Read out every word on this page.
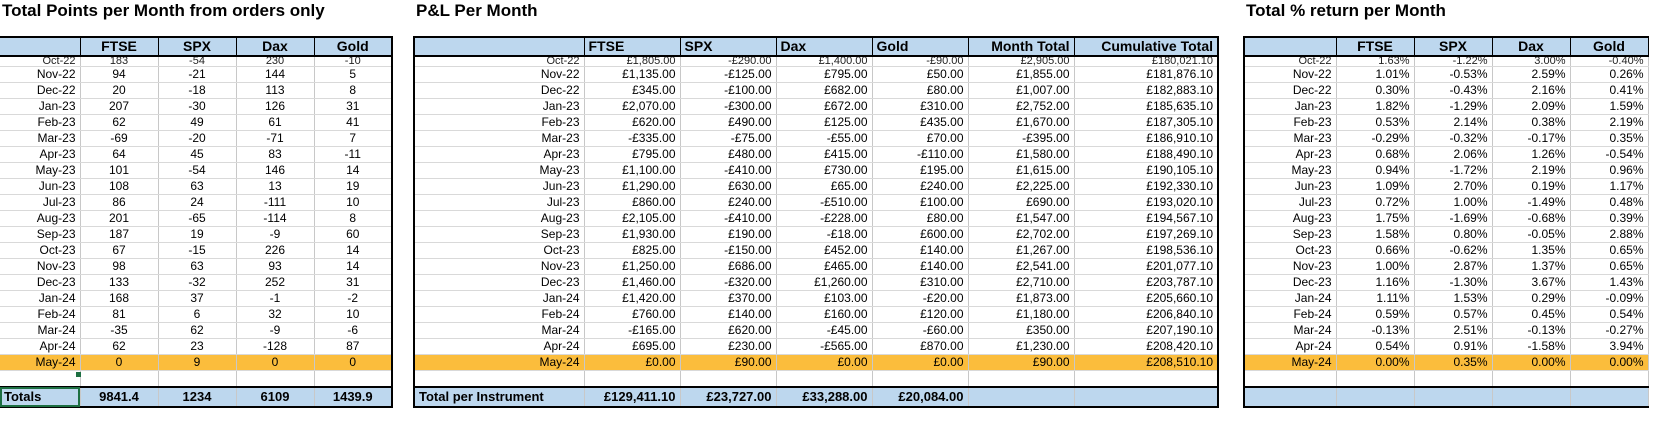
Total Points per Month from orders only	P&L Per Month	Total % return per Month
	FTSE	SPX	Dax	Gold
Oct-22	183	-54	230	-10
Nov-22	94	-21	144	5
Dec-22	20	-18	113	8
Jan-23	207	-30	126	31
Feb-23	62	49	61	41
Mar-23	-69	-20	-71	7
Apr-23	64	45	83	-11
May-23	101	-54	146	14
Jun-23	108	63	13	19
Jul-23	86	24	-111	10
Aug-23	201	-65	-114	8
Sep-23	187	19	-9	60
Oct-23	67	-15	226	14
Nov-23	98	63	93	14
Dec-23	133	-32	252	31
Jan-24	168	37	-1	-2
Feb-24	81	6	32	10
Mar-24	-35	62	-9	-6
Apr-24	62	23	-128	87
May-24	0	9	0	0

Totals	9841.4	1234	6109	1439.9
	FTSE	SPX	Dax	Gold	Month Total	Cumulative Total
Oct-22	£1,805.00	-£290.00	£1,400.00	-£90.00	£2,905.00	£180,021.10
Nov-22	£1,135.00	-£125.00	£795.00	£50.00	£1,855.00	£181,876.10
Dec-22	£345.00	-£100.00	£682.00	£80.00	£1,007.00	£182,883.10
Jan-23	£2,070.00	-£300.00	£672.00	£310.00	£2,752.00	£185,635.10
Feb-23	£620.00	£490.00	£125.00	£435.00	£1,670.00	£187,305.10
Mar-23	-£335.00	-£75.00	-£55.00	£70.00	-£395.00	£186,910.10
Apr-23	£795.00	£480.00	£415.00	-£110.00	£1,580.00	£188,490.10
May-23	£1,100.00	-£410.00	£730.00	£195.00	£1,615.00	£190,105.10
Jun-23	£1,290.00	£630.00	£65.00	£240.00	£2,225.00	£192,330.10
Jul-23	£860.00	£240.00	-£510.00	£100.00	£690.00	£193,020.10
Aug-23	£2,105.00	-£410.00	-£228.00	£80.00	£1,547.00	£194,567.10
Sep-23	£1,930.00	£190.00	-£18.00	£600.00	£2,702.00	£197,269.10
Oct-23	£825.00	-£150.00	£452.00	£140.00	£1,267.00	£198,536.10
Nov-23	£1,250.00	£686.00	£465.00	£140.00	£2,541.00	£201,077.10
Dec-23	£1,460.00	-£320.00	£1,260.00	£310.00	£2,710.00	£203,787.10
Jan-24	£1,420.00	£370.00	£103.00	-£20.00	£1,873.00	£205,660.10
Feb-24	£760.00	£140.00	£160.00	£120.00	£1,180.00	£206,840.10
Mar-24	-£165.00	£620.00	-£45.00	-£60.00	£350.00	£207,190.10
Apr-24	£695.00	£230.00	-£565.00	£870.00	£1,230.00	£208,420.10
May-24	£0.00	£90.00	£0.00	£0.00	£90.00	£208,510.10

Total per Instrument	£129,411.10	£23,727.00	£33,288.00	£20,084.00		
	FTSE	SPX	Dax	Gold
Oct-22	1.63%	-1.22%	3.00%	-0.40%
Nov-22	1.01%	-0.53%	2.59%	0.26%
Dec-22	0.30%	-0.43%	2.16%	0.41%
Jan-23	1.82%	-1.29%	2.09%	1.59%
Feb-23	0.53%	2.14%	0.38%	2.19%
Mar-23	-0.29%	-0.32%	-0.17%	0.35%
Apr-23	0.68%	2.06%	1.26%	-0.54%
May-23	0.94%	-1.72%	2.19%	0.96%
Jun-23	1.09%	2.70%	0.19%	1.17%
Jul-23	0.72%	1.00%	-1.49%	0.48%
Aug-23	1.75%	-1.69%	-0.68%	0.39%
Sep-23	1.58%	0.80%	-0.05%	2.88%
Oct-23	0.66%	-0.62%	1.35%	0.65%
Nov-23	1.00%	2.87%	1.37%	0.65%
Dec-23	1.16%	-1.30%	3.67%	1.43%
Jan-24	1.11%	1.53%	0.29%	-0.09%
Feb-24	0.59%	0.57%	0.45%	0.54%
Mar-24	-0.13%	2.51%	-0.13%	-0.27%
Apr-24	0.54%	0.91%	-1.58%	3.94%
May-24	0.00%	0.35%	0.00%	0.00%
